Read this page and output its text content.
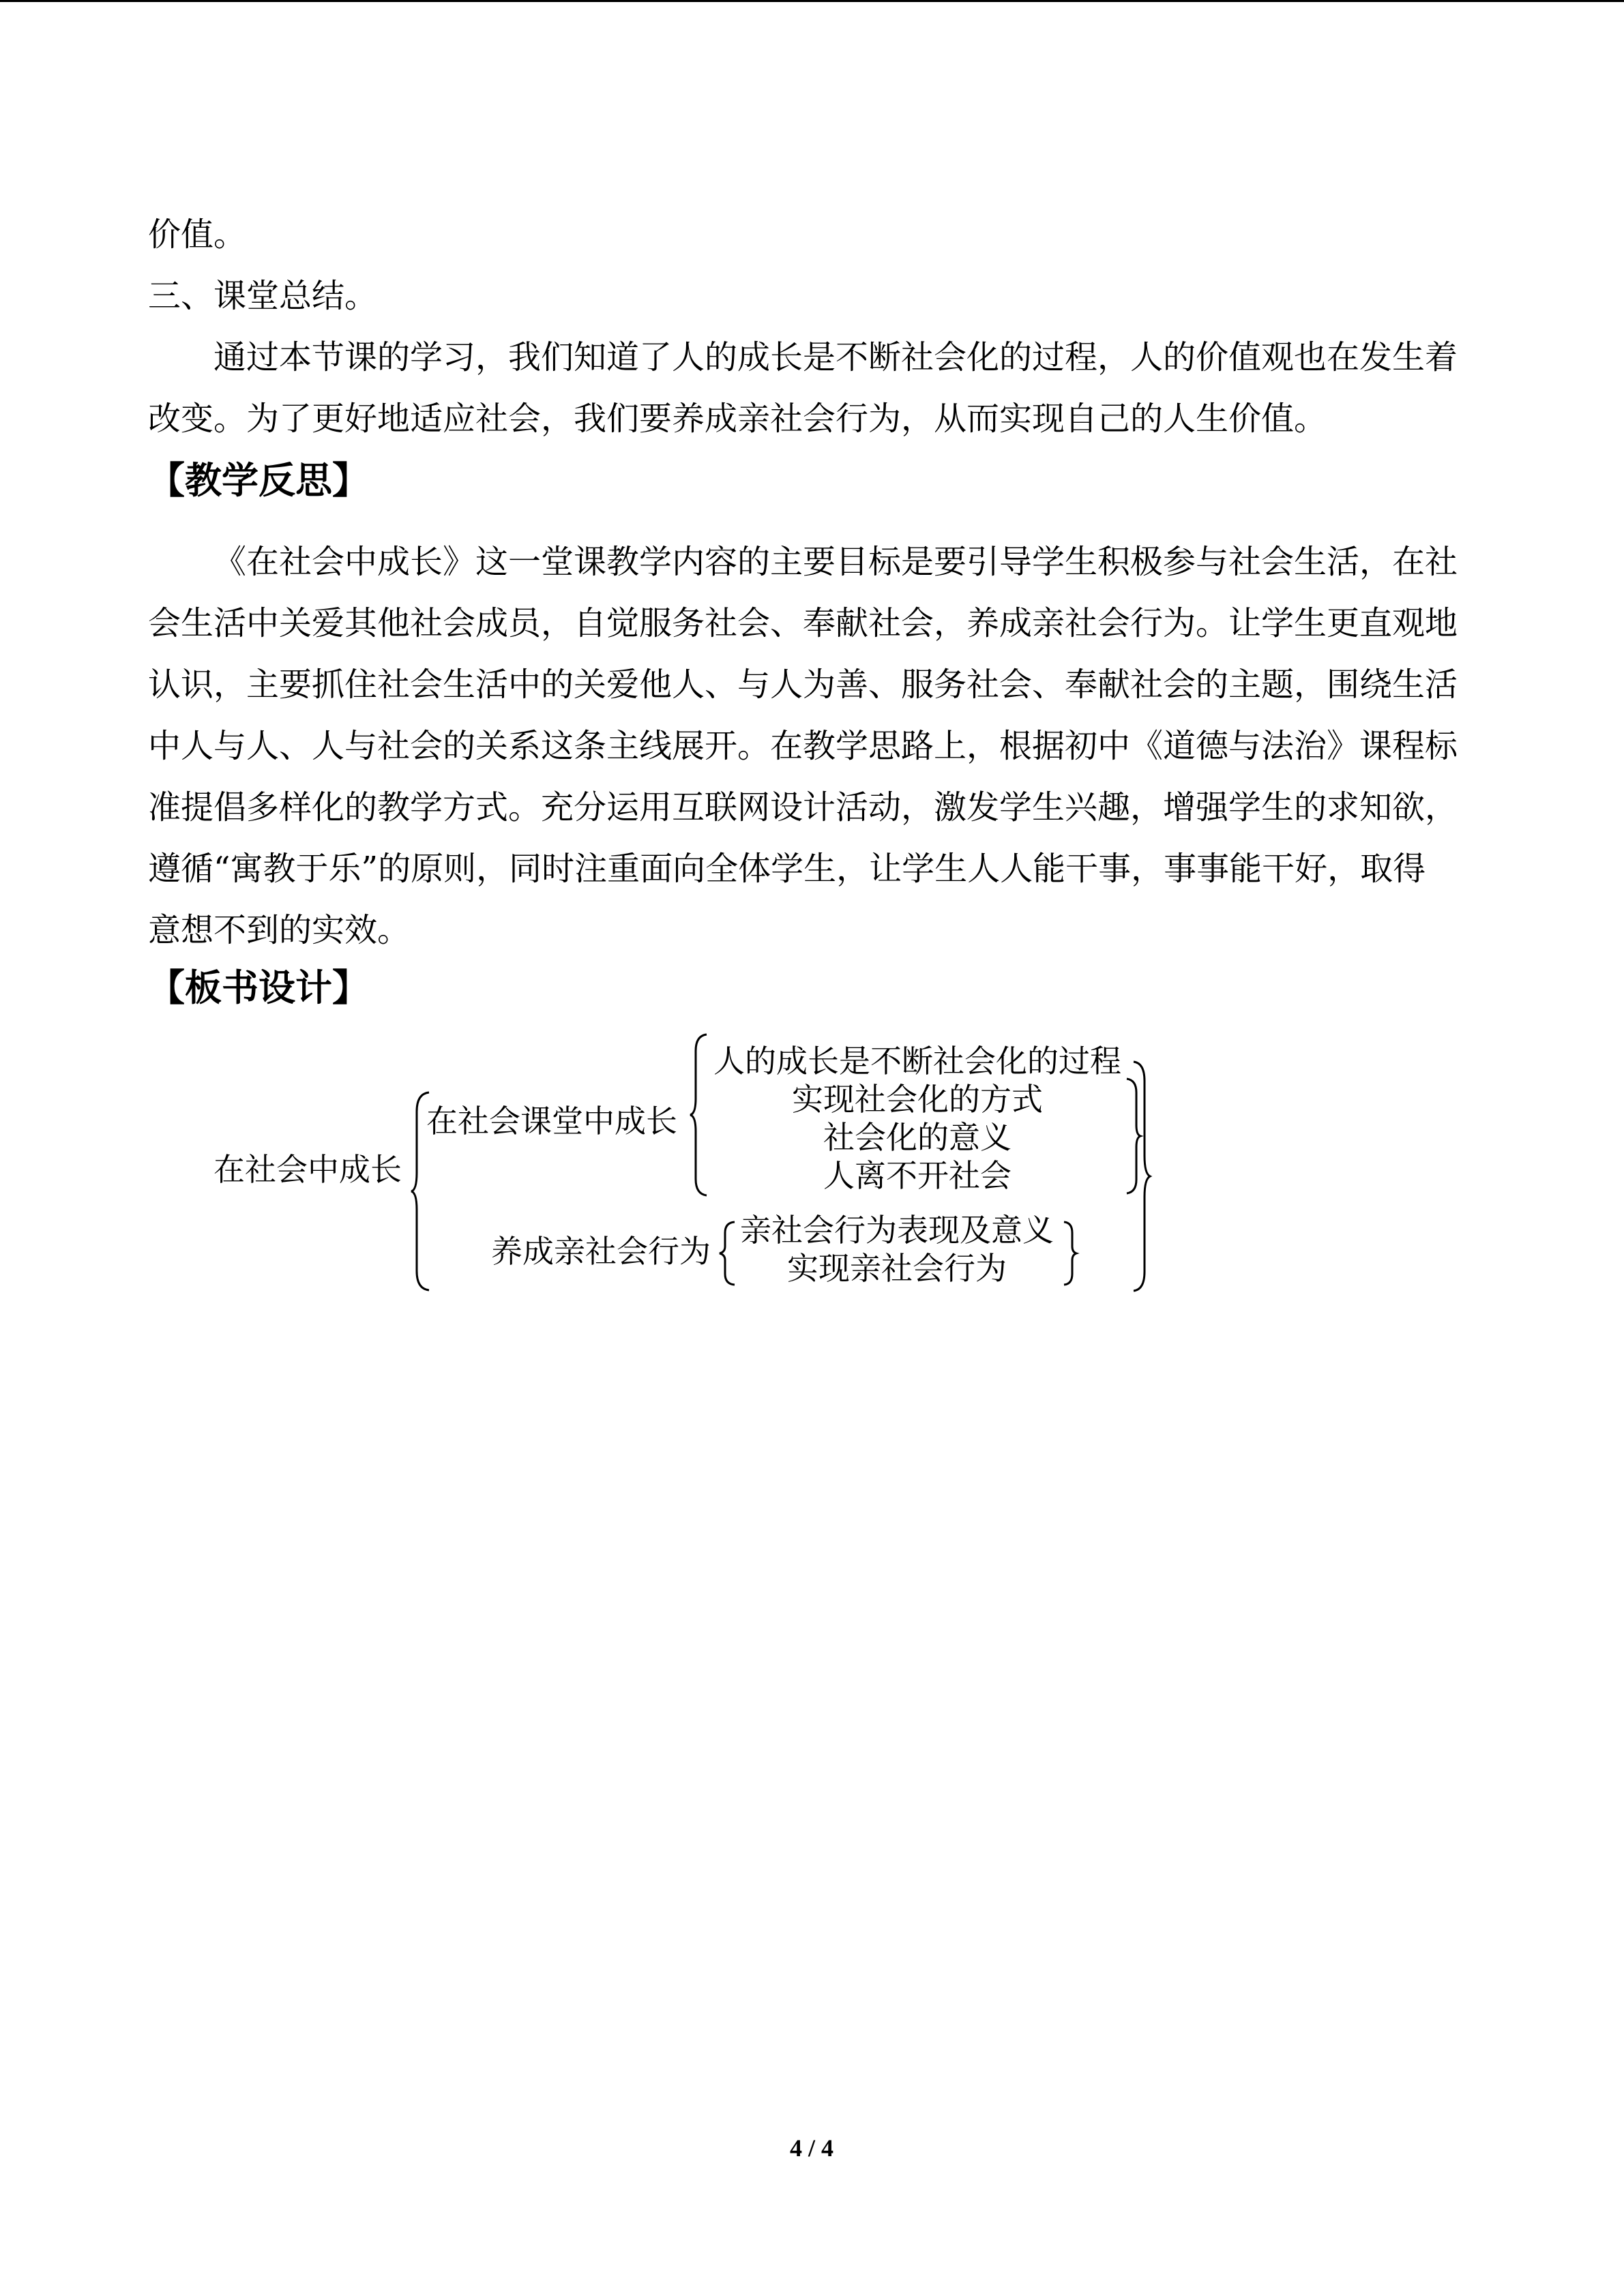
价值。
三、课堂总结。
通过本节课的学习，我们知道了人的成长是不断社会化的过程，人的价值观也在发生着
改变。为了更好地适应社会，我们要养成亲社会行为，从而实现自己的人生价值。
【教学反思】
《在社会中成长》这一堂课教学内容的主要目标是要引导学生积极参与社会生活，在社
会生活中关爱其他社会成员，自觉服务社会、奉献社会，养成亲社会行为。让学生更直观地
认识，主要抓住社会生活中的关爱他人、与人为善、服务社会、奉献社会的主题，围绕生活
中人与人、人与社会的关系这条主线展开。在教学思路上，根据初中《道德与法治》课程标
准提倡多样化的教学方式。充分运用互联网设计活动，激发学生兴趣，增强学生的求知欲，
遵循“寓教于乐”的原则，同时注重面向全体学生，让学生人人能干事，事事能干好，取得
意想不到的实效。
【板书设计】
在社会中成长
在社会课堂中成长
人的成长是不断社会化的过程
实现社会化的方式
社会化的意义
人离不开社会
养成亲社会行为
亲社会行为表现及意义
实现亲社会行为
4 / 4
